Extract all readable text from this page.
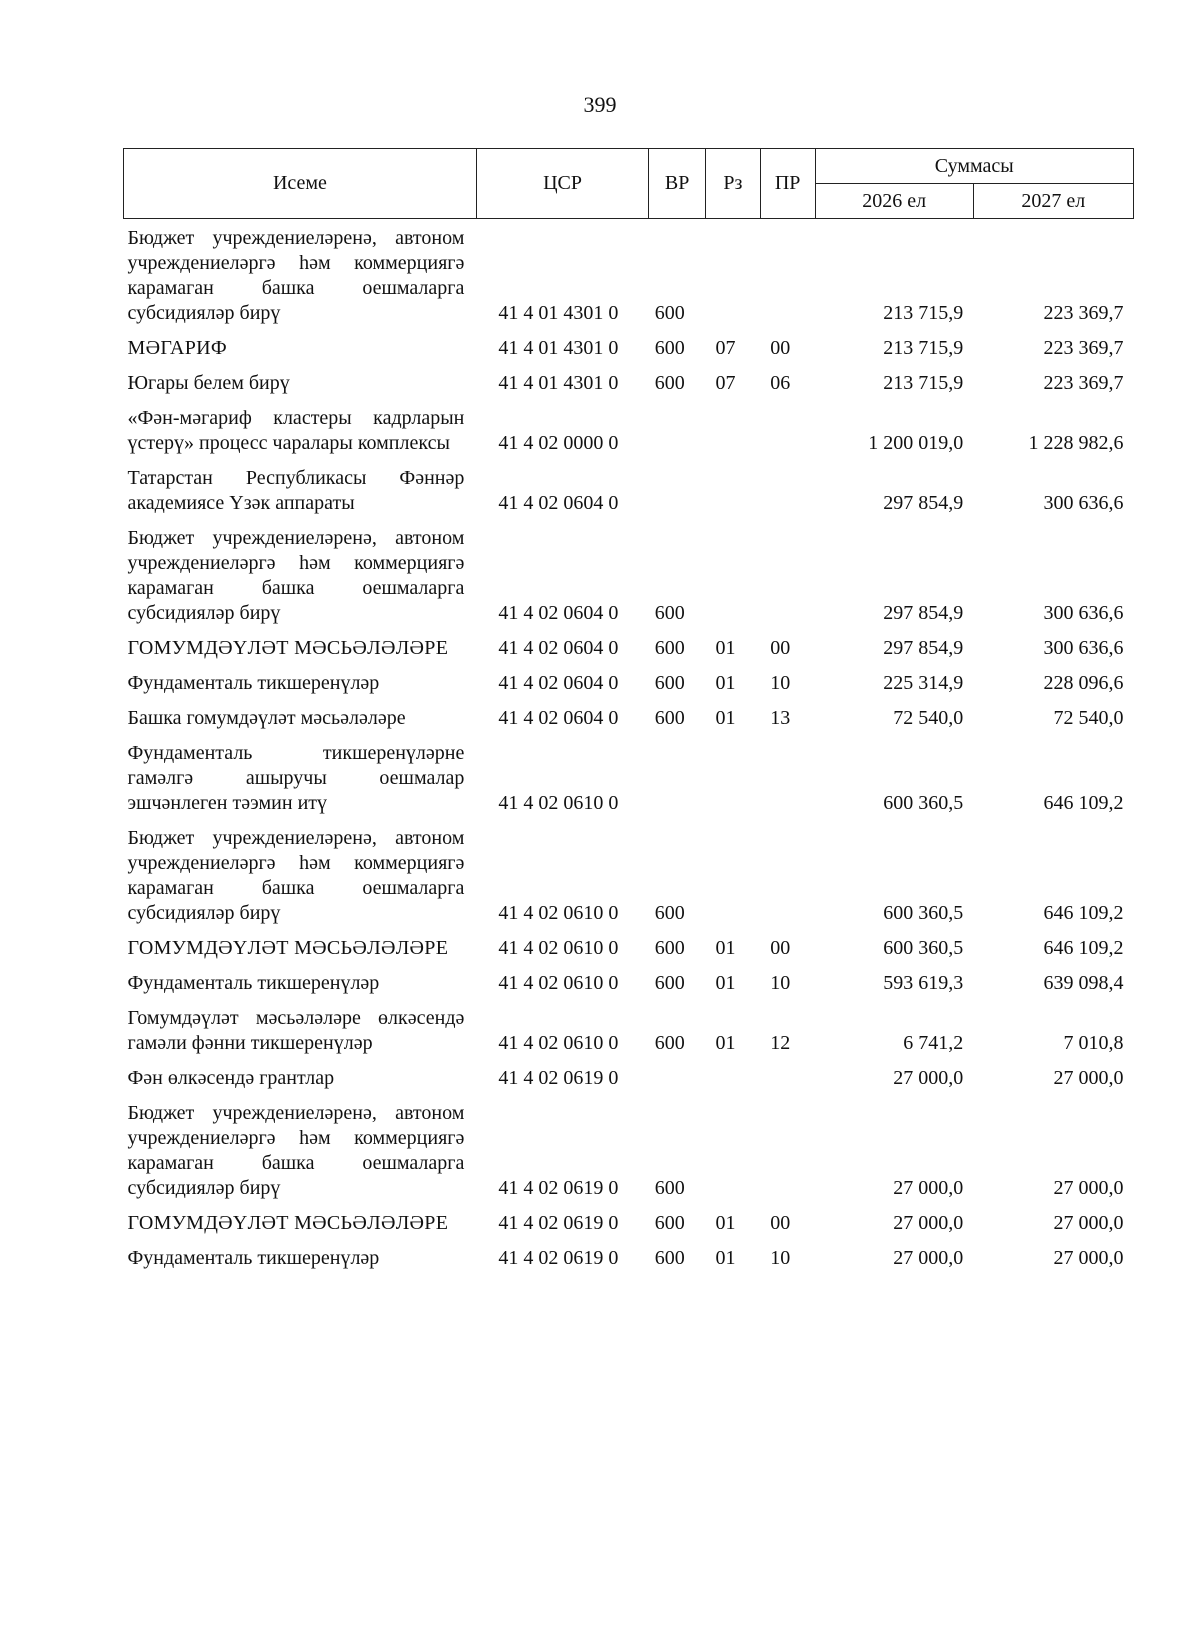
399
Исеме	ЦСР	ВР	Рз	ПР	Суммасы	
					2026 ел	2027 ел
Бюджет учреждениеләренә, автоном учреждениеләргә һәм коммерциягә карамаган башка оешмаларга субсидияләр бирү	41 4 01 4301 0	600			213 715,9	223 369,7
МӘГАРИФ	41 4 01 4301 0	600	07	00	213 715,9	223 369,7
Югары белем бирү	41 4 01 4301 0	600	07	06	213 715,9	223 369,7
«Фән-мәгариф кластеры кадрларын үстерү» процесс чаралары комплексы	41 4 02 0000 0				1 200 019,0	1 228 982,6
Татарстан Республикасы Фәннәр академиясе Үзәк аппараты	41 4 02 0604 0				297 854,9	300 636,6
Бюджет учреждениеләренә, автоном учреждениеләргә һәм коммерциягә карамаган башка оешмаларга субсидияләр бирү	41 4 02 0604 0	600			297 854,9	300 636,6
ГОМУМДӘҮЛӘТ МӘСЬӘЛӘЛӘРЕ	41 4 02 0604 0	600	01	00	297 854,9	300 636,6
Фундаменталь тикшеренүләр	41 4 02 0604 0	600	01	10	225 314,9	228 096,6
Башка гомумдәүләт мәсьәләләре	41 4 02 0604 0	600	01	13	72 540,0	72 540,0
Фундаменталь тикшеренүләрне гамәлгә ашыручы оешмалар эшчәнлеген тәэмин итү	41 4 02 0610 0				600 360,5	646 109,2
Бюджет учреждениеләренә, автоном учреждениеләргә һәм коммерциягә карамаган башка оешмаларга субсидияләр бирү	41 4 02 0610 0	600			600 360,5	646 109,2
ГОМУМДӘҮЛӘТ МӘСЬӘЛӘЛӘРЕ	41 4 02 0610 0	600	01	00	600 360,5	646 109,2
Фундаменталь тикшеренүләр	41 4 02 0610 0	600	01	10	593 619,3	639 098,4
Гомумдәүләт мәсьәләләре өлкәсендә гамәли фәнни тикшеренүләр	41 4 02 0610 0	600	01	12	6 741,2	7 010,8
Фән өлкәсендә грантлар	41 4 02 0619 0				27 000,0	27 000,0
Бюджет учреждениеләренә, автоном учреждениеләргә һәм коммерциягә карамаган башка оешмаларга субсидияләр бирү	41 4 02 0619 0	600			27 000,0	27 000,0
ГОМУМДӘҮЛӘТ МӘСЬӘЛӘЛӘРЕ	41 4 02 0619 0	600	01	00	27 000,0	27 000,0
Фундаменталь тикшеренүләр	41 4 02 0619 0	600	01	10	27 000,0	27 000,0
